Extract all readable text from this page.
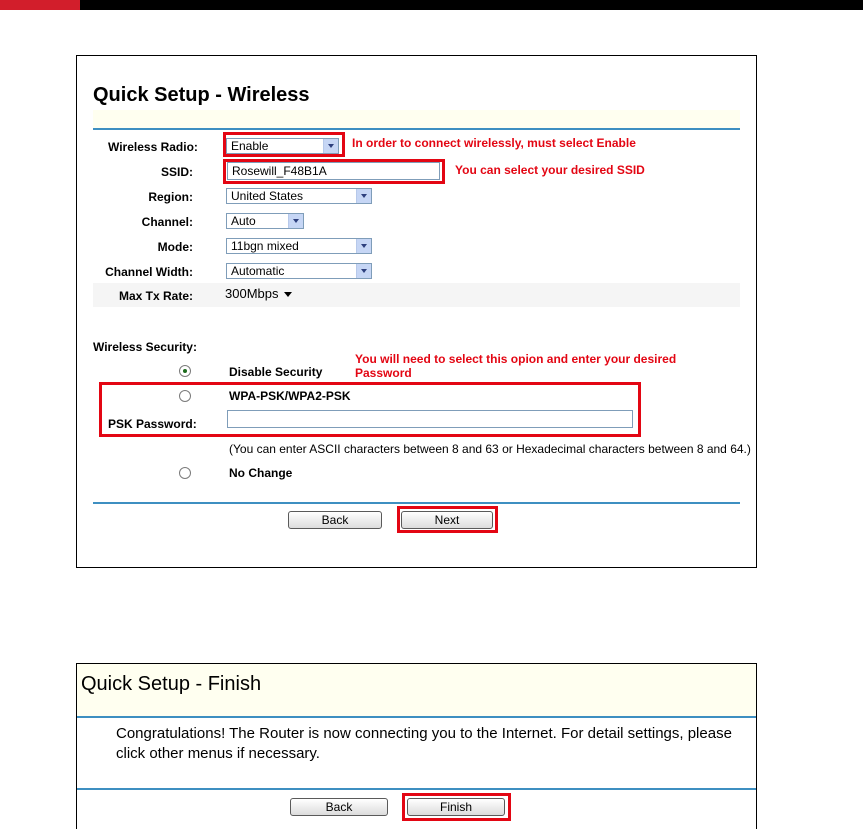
Quick Setup - Wireless
Wireless Radio:	Enable	In order to connect wirelessly, must select Enable
SSID:	Rosewill_F48B1A	You can select your desired SSID
Region:	United States
Channel:	Auto
Mode:	11bgn mixed
Channel Width:	Automatic
Max Tx Rate: 300Mbps
Wireless Security:
You will need to select this opion and enter your desired
Password
Disable Security
WPA-PSK/WPA2-PSK
PSK Password:
(You can enter ASCII characters between 8 and 63 or Hexadecimal characters between 8 and 64.)
No Change
Back	Next
Quick Setup - Finish
Congratulations! The Router is now connecting you to the Internet. For detail settings, please click other menus if necessary.
Back	Finish
